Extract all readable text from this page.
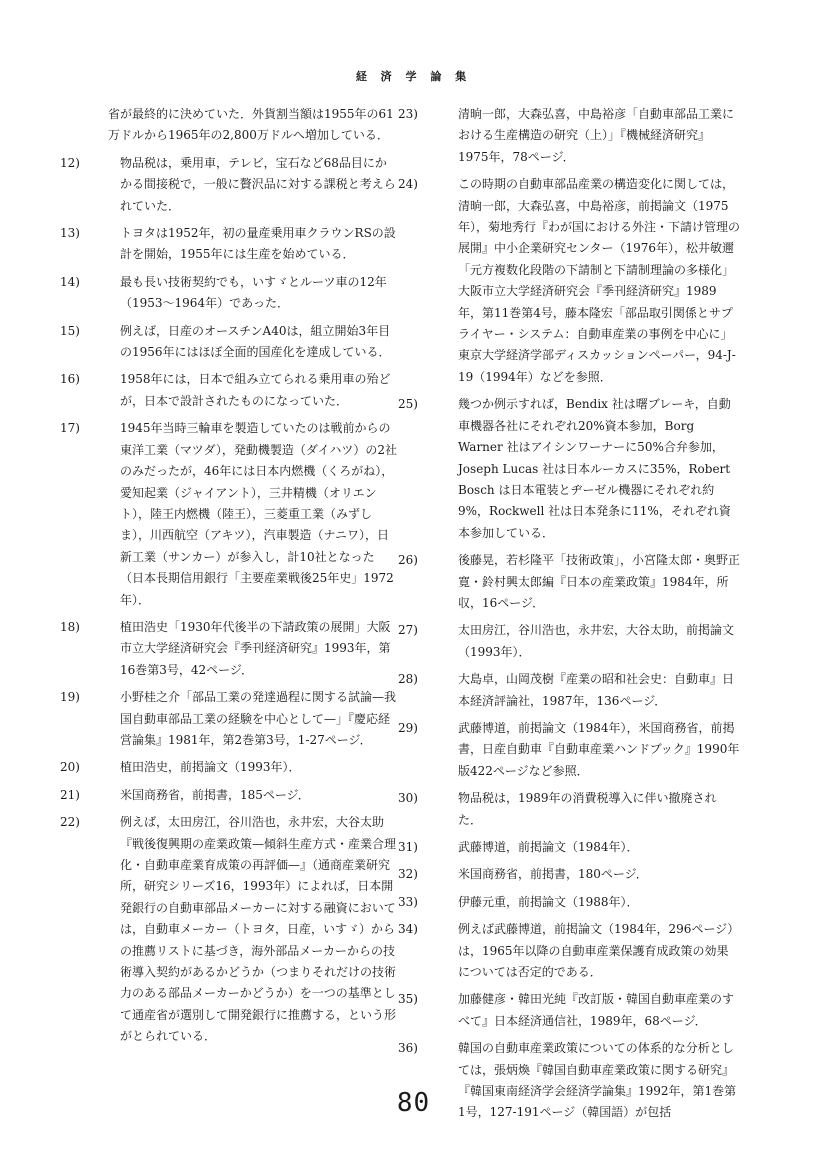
経 済 学 論 集

省が最終的に決めていた．外貨割当額は1955年の61万ドルから1965年の2,800万ドルへ増加している．

12)	物品税は，乗用車，テレビ，宝石など68品目にかかる間接税で，一般に贅沢品に対する課税と考えられていた．

13)	トヨタは1952年，初の量産乗用車クラウンRSの設計を開始，1955年には生産を始めている．

14)	最も長い技術契約でも，いすゞとルーツ車の12年（1953〜1964年）であった．

15)	例えば，日産のオースチンA40は，組立開始3年目の1956年にはほぼ全面的国産化を達成している．

16)	1958年には，日本で組み立てられる乗用車の殆どが，日本で設計されたものになっていた．

17)	1945年当時三輪車を製造していたのは戦前からの東洋工業（マツダ），発動機製造（ダイハツ）の2社のみだったが，46年には日本内燃機（くろがね），愛知起業（ジャイアント），三井精機（オリエント），陸王内燃機（陸王），三菱重工業（みずしま），川西航空（アキツ），汽車製造（ナニワ），日新工業（サンカー）が参入し，計10社となった（日本長期信用銀行「主要産業戦後25年史」1972年）．

18)	植田浩史「1930年代後半の下請政策の展開」大阪市立大学経済研究会『季刊経済研究』1993年，第16巻第3号，42ページ．

19)	小野桂之介「部品工業の発達過程に関する試論—我国自動車部品工業の経験を中心として—」『慶応経営論集』1981年，第2巻第3号，1-27ページ．

20)	植田浩史，前掲論文（1993年）．

21)	米国商務省，前掲書，185ページ．

22)	例えば，太田房江，谷川浩也，永井宏，大谷太助『戦後復興期の産業政策—傾斜生産方式・産業合理化・自動車産業育成策の再評価—』（通商産業研究所，研究シリーズ16，1993年）によれば，日本開発銀行の自動車部品メーカーに対する融資においては，自動車メーカー（トヨタ，日産，いすゞ）からの推薦リストに基づき，海外部品メーカーからの技術導入契約があるかどうか（つまりそれだけの技術力のある部品メーカーかどうか）を一つの基準として通産省が選別して開発銀行に推薦する，という形がとられている．

23)	清晌一郎，大森弘喜，中島裕彦「自動車部品工業における生産構造の研究（上）」『機械経済研究』1975年，78ページ．

24)	この時期の自動車部品産業の構造変化に関しては，清晌一郎，大森弘喜，中島裕彦，前掲論文（1975年），菊地秀行『わが国における外注・下請け管理の展開』中小企業研究センター（1976年），松井敏邇「元方複数化段階の下請制と下請制理論の多様化」大阪市立大学経済研究会『季刊経済研究』1989年，第11巻第4号，藤本隆宏「部品取引関係とサプライヤー・システム：自動車産業の事例を中心に」東京大学経済学部ディスカッションペーパー，94-J-19（1994年）などを参照．

25)	幾つか例示すれば，Bendix 社は曙ブレーキ，自動車機器各社にそれぞれ20%資本参加，Borg Warner 社はアイシンワーナーに50%合弁参加，Joseph Lucas 社は日本ルーカスに35%，Robert Bosch は日本電装とヂーゼル機器にそれぞれ約9%，Rockwell 社は日本発条に11%，それぞれ資本参加している．

26)	後藤晃，若杉隆平「技術政策」，小宮隆太郎・奥野正寛・鈴村興太郎編『日本の産業政策』1984年，所収，16ページ．

27)	太田房江，谷川浩也，永井宏，大谷太助，前掲論文（1993年）．

28)	大島卓，山岡茂樹『産業の昭和社会史：自動車』日本経済評論社，1987年，136ページ．

29)	武藤博道，前掲論文（1984年），米国商務省，前掲書，日産自動車『自動車産業ハンドブック』1990年版422ページなど参照．

30)	物品税は，1989年の消費税導入に伴い撤廃された．

31)	武藤博道，前掲論文（1984年）．

32)	米国商務省，前掲書，180ページ．

33)	伊藤元重，前掲論文（1988年）．

34)	例えば武藤博道，前掲論文（1984年，296ページ）は，1965年以降の自動車産業保護育成政策の効果については否定的である．

35)	加藤健彦・韓田光純『改訂版・韓国自動車産業のすべて』日本経済通信社，1989年，68ページ．

36)	韓国の自動車産業政策についての体系的な分析としては，張炳煥『韓国自動車産業政策に関する研究』『韓国東南経済学会経済学論集』1992年，第1巻第1号，127-191ページ（韓国語）が包括

80
